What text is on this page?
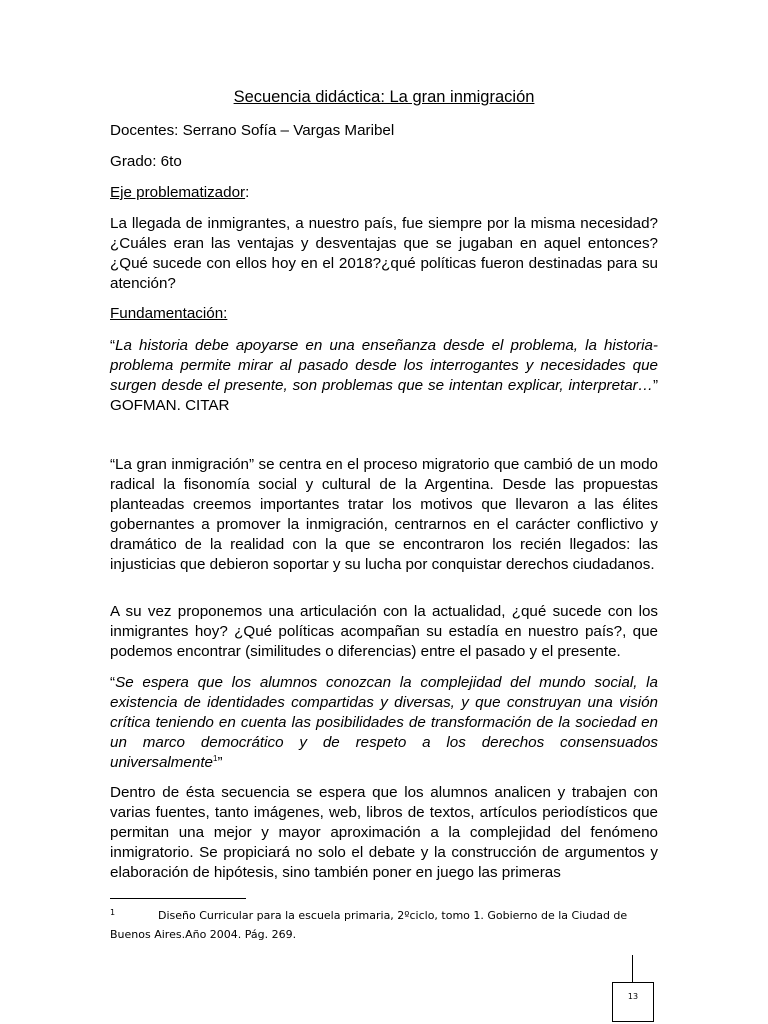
Secuencia didáctica: La gran inmigración

Docentes: Serrano Sofía – Vargas Maribel

Grado: 6to

Eje problematizador:

La llegada de inmigrantes, a nuestro país, fue siempre por la misma necesidad? ¿Cuáles eran las ventajas y desventajas que se jugaban en aquel entonces? ¿Qué sucede con ellos hoy en el 2018?¿qué políticas fueron destinadas para su atención?

Fundamentación:

“La historia debe apoyarse en una enseñanza desde el problema, la historia-problema permite mirar al pasado desde los interrogantes y necesidades que surgen desde el presente, son problemas que se intentan explicar, interpretar…” GOFMAN. CITAR

“La gran inmigración” se centra en el proceso migratorio que cambió de un modo radical la fisonomía social y cultural de la Argentina. Desde las propuestas planteadas creemos importantes tratar los motivos que llevaron a las élites gobernantes a promover la inmigración, centrarnos en el carácter conflictivo y dramático de la realidad con la que se encontraron los recién llegados: las injusticias que debieron soportar y su lucha por conquistar derechos ciudadanos.

A su vez proponemos una articulación con la actualidad, ¿qué sucede con los inmigrantes hoy? ¿Qué políticas acompañan su estadía en nuestro país?, que podemos encontrar (similitudes o diferencias) entre el pasado y el presente.

“Se espera que los alumnos conozcan la complejidad del mundo social, la existencia de identidades compartidas y diversas, y que construyan una visión crítica teniendo en cuenta las posibilidades de transformación de la sociedad en un marco democrático y de respeto a los derechos consensuados universalmente$^1$”

Dentro de ésta secuencia se espera que los alumnos analicen y trabajen con varias fuentes, tanto imágenes, web, libros de textos, artículos periodísticos que permitan una mejor y mayor aproximación a la complejidad del fenómeno inmigratorio. Se propiciará no solo el debate y la construcción de argumentos y elaboración de hipótesis, sino también poner en juego las primeras

1	Diseño Curricular para la escuela primaria, 2ºciclo, tomo 1. Gobierno de la Ciudad de Buenos Aires.Año 2004. Pág. 269.

13
